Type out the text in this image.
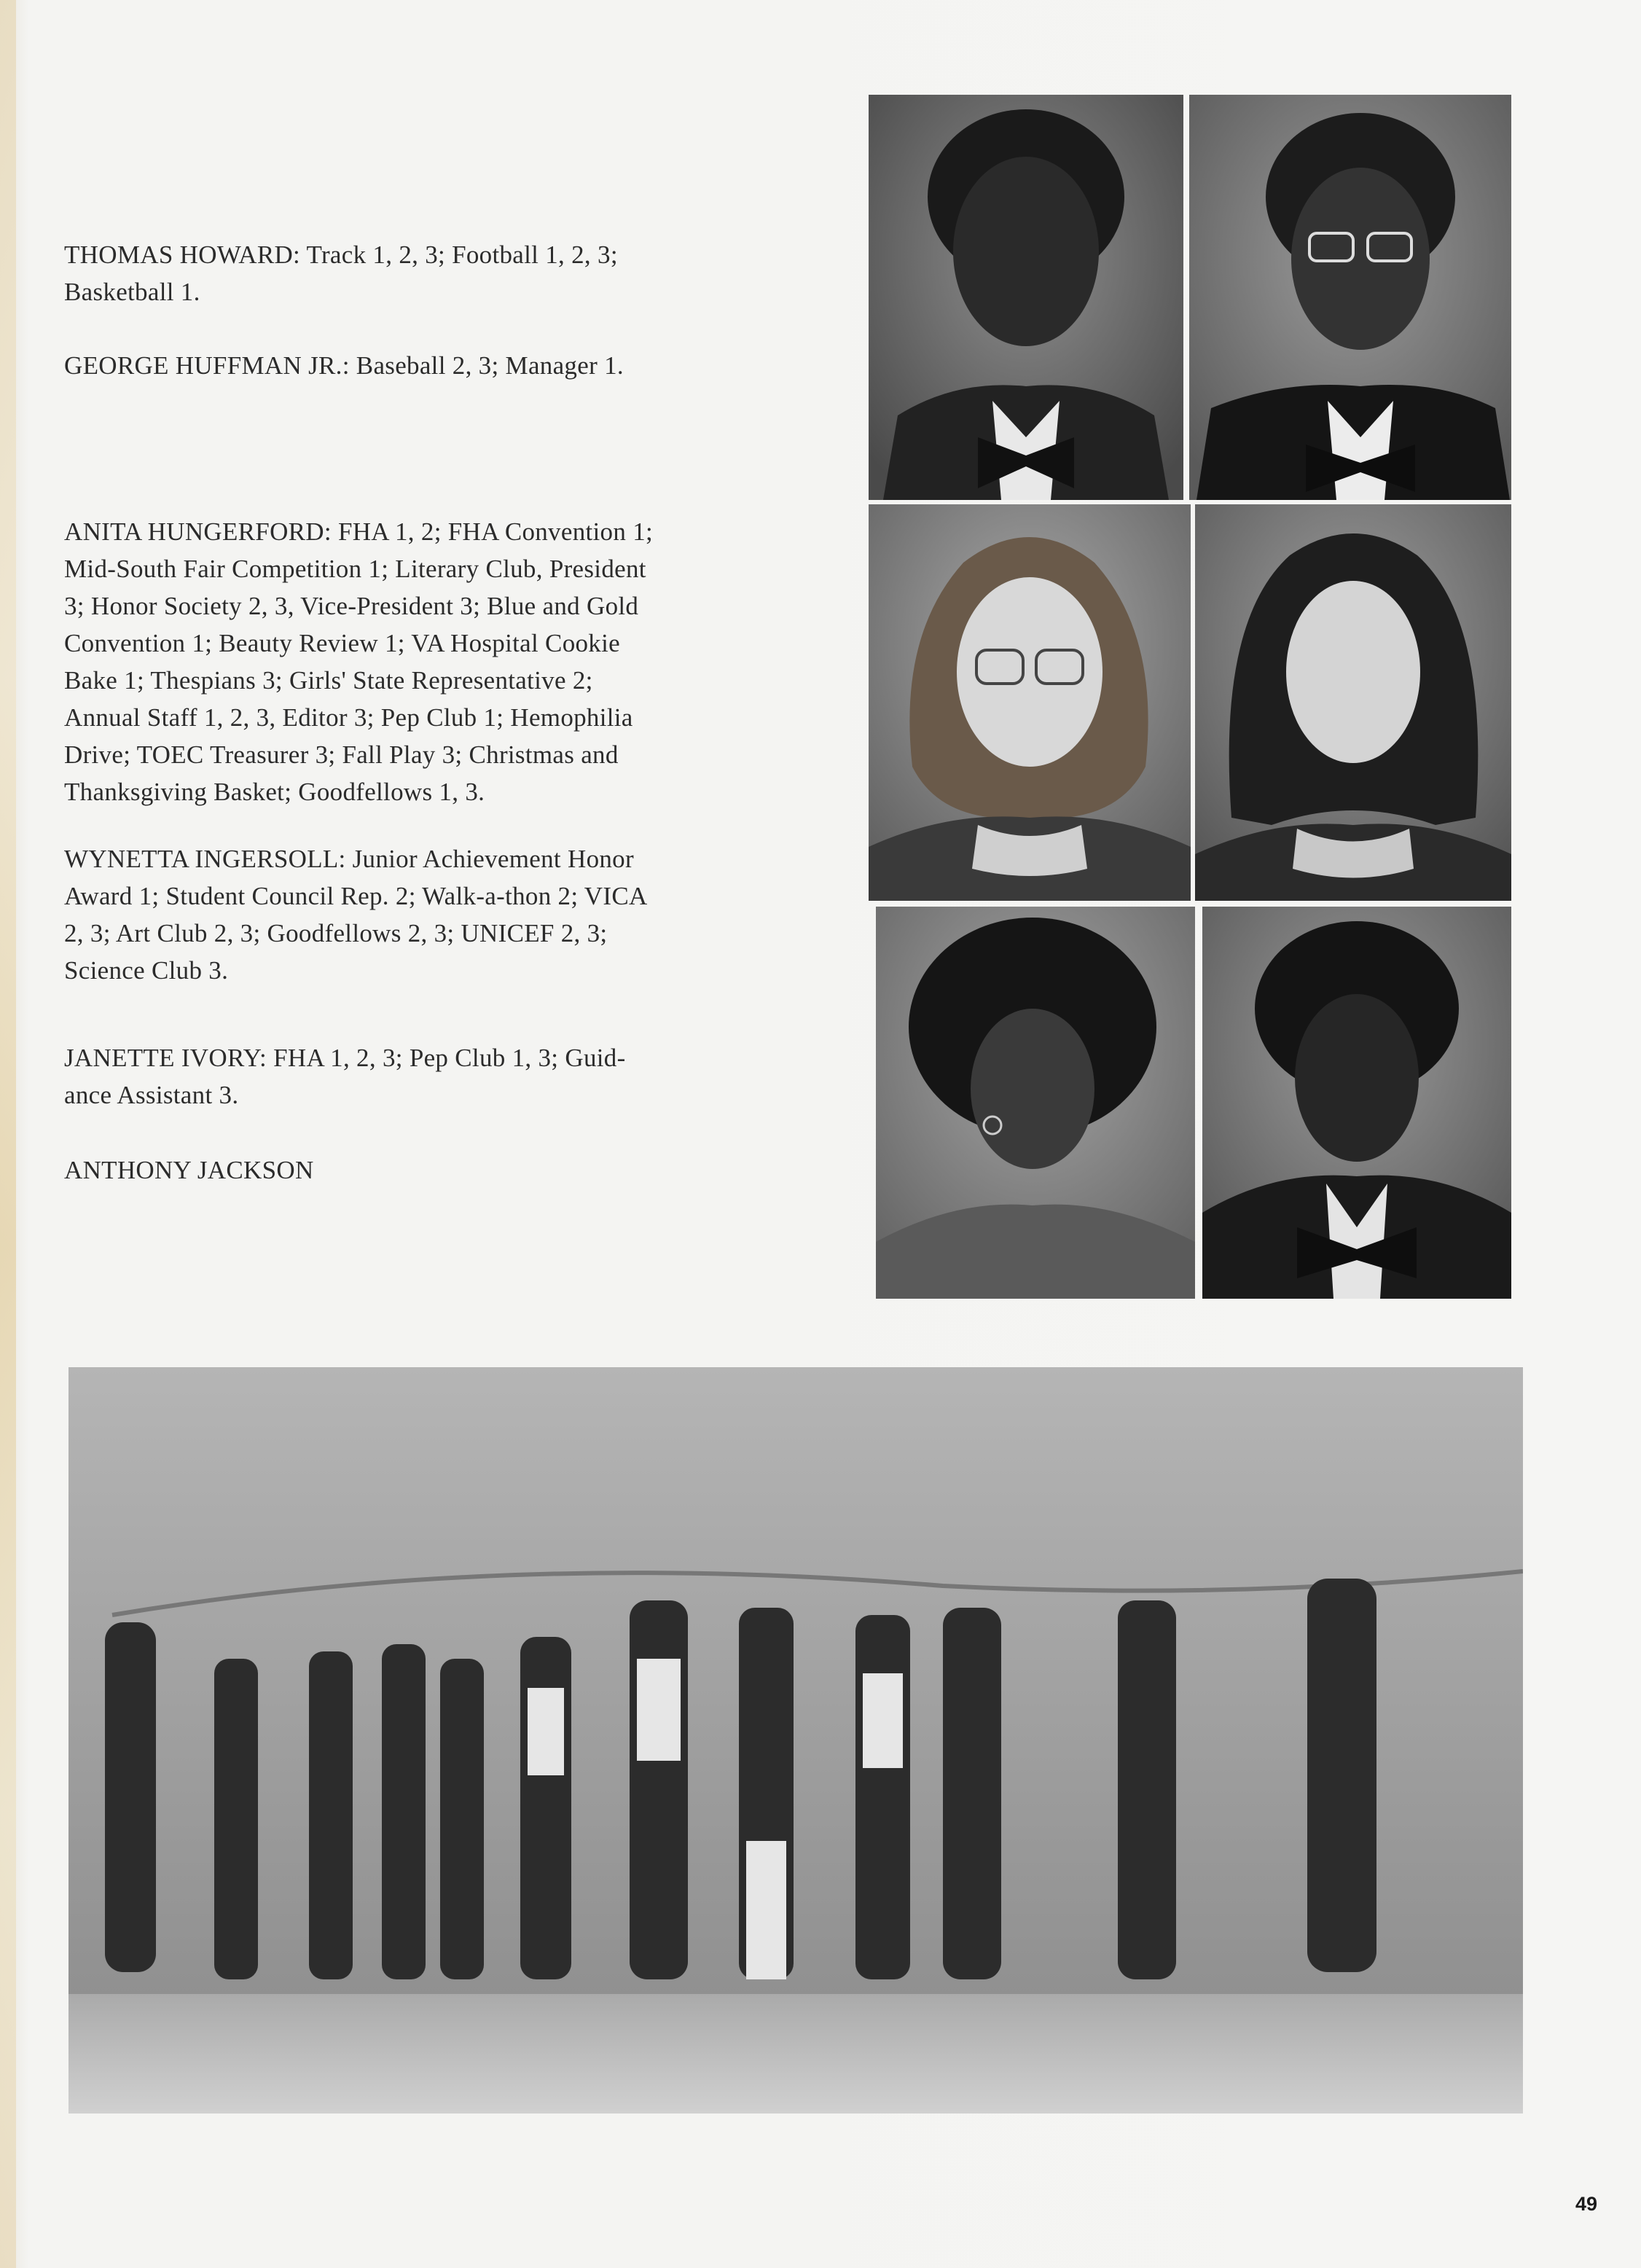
THOMAS HOWARD: Track 1, 2, 3; Football 1, 2, 3;

Basketball 1.

GEORGE HUFFMAN JR.: Baseball 2, 3; Manager 1.

ANITA HUNGERFORD: FHA 1, 2; FHA Convention 1;

Mid-South Fair Competition 1; Literary Club, President

3; Honor Society 2, 3, Vice-President 3; Blue and Gold

Convention 1; Beauty Review 1; VA Hospital Cookie

Bake 1; Thespians 3; Girls' State Representative 2;

Annual Staff 1, 2, 3, Editor 3; Pep Club 1; Hemophilia

Drive; TOEC Treasurer 3; Fall Play 3; Christmas and

Thanksgiving Basket; Goodfellows 1, 3.

WYNETTA INGERSOLL: Junior Achievement Honor

Award 1; Student Council Rep. 2; Walk-a-thon 2; VICA

2, 3; Art Club 2, 3; Goodfellows 2, 3; UNICEF 2, 3;

Science Club 3.

JANETTE IVORY: FHA 1, 2, 3; Pep Club 1, 3; Guid-

ance Assistant 3.

ANTHONY JACKSON

49
